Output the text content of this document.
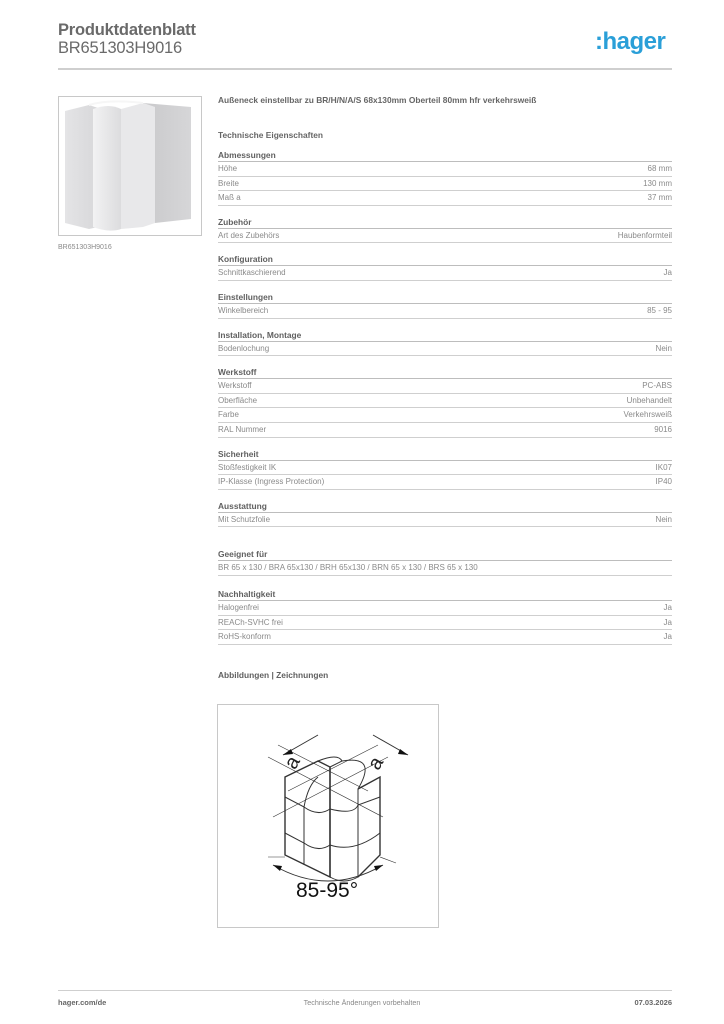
Produktdatenblatt
BR651303H9016	:hager
BR651303H9016
Außeneck einstellbar zu BR/H/N/A/S 68x130mm Oberteil 80mm hfr verkehrsweiß
Technische Eigenschaften
Abmessungen
Höhe	68 mm
Breite	130 mm
Maß a	37 mm
Zubehör
Art des Zubehörs	Haubenformteil
Konfiguration
Schnittkaschierend	Ja
Einstellungen
Winkelbereich	85 - 95
Installation, Montage
Bodenlochung	Nein
Werkstoff
Werkstoff	PC-ABS
Oberfläche	Unbehandelt
Farbe	Verkehrsweiß
RAL Nummer	9016
Sicherheit
Stoßfestigkeit IK	IK07
IP-Klasse (Ingress Protection)	IP40
Ausstattung
Mit Schutzfolie	Nein
Geeignet für
BR 65 x 130 / BRA 65x130 / BRH 65x130 / BRN 65 x 130 / BRS 65 x 130
Nachhaltigkeit
Halogenfrei	Ja
REACh-SVHC frei	Ja
RoHS-konform	Ja
Abbildungen | Zeichnungen
a	a
85-95°
hager.com/de	Technische Änderungen vorbehalten	07.03.2026
